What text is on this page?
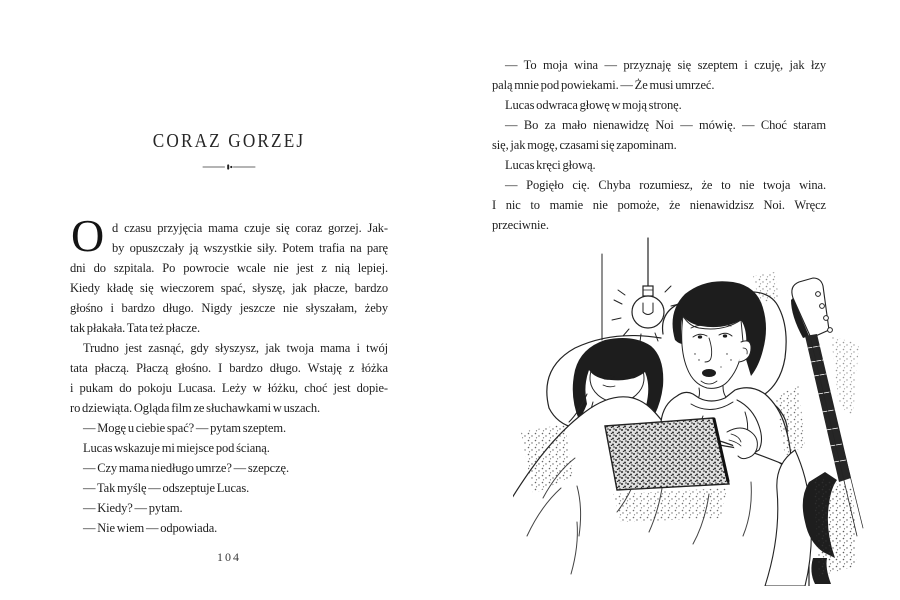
CORAZ GORZEJ
O d czasu przyjęcia mama czuje się coraz gorzej. Jak-
by opuszczały ją wszystkie siły. Potem trafia na parę
dni do szpitala. Po powrocie wcale nie jest z nią lepiej.
Kiedy kładę się wieczorem spać, słyszę, jak płacze, bardzo
głośno i bardzo długo. Nigdy jeszcze nie słyszałam, żeby
tak płakała. Tata też płacze.
Trudno jest zasnąć, gdy słyszysz, jak twoja mama i twój
tata płaczą. Płaczą głośno. I bardzo długo. Wstaję z łóżka
i pukam do pokoju Lucasa. Leży w łóżku, choć jest dopie-
ro dziewiąta. Ogląda film ze słuchawkami w uszach.
— Mogę u ciebie spać? — pytam szeptem.
Lucas wskazuje mi miejsce pod ścianą.
— Czy mama niedługo umrze? — szepczę.
— Tak myślę — odszeptuje Lucas.
— Kiedy? — pytam.
— Nie wiem — odpowiada.
104
— To moja wina — przyznaję się szeptem i czuję, jak łzy
palą mnie pod powiekami. — Że musi umrzeć.
Lucas odwraca głowę w moją stronę.
— Bo za mało nienawidzę Noi — mówię. — Choć staram
się, jak mogę, czasami się zapominam.
Lucas kręci głową.
— Pogięło cię. Chyba rozumiesz, że to nie twoja wina.
I nic to mamie nie pomoże, że nienawidzisz Noi. Wręcz
przeciwnie.
